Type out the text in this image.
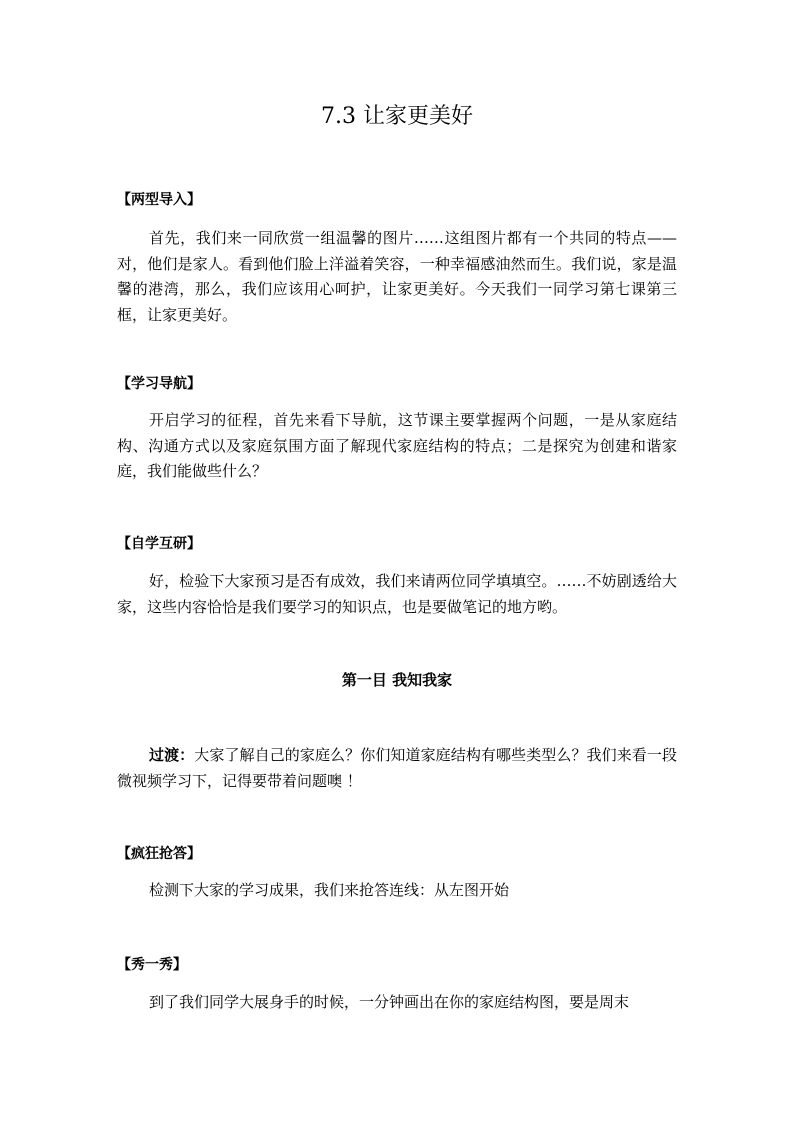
7.3 让家更美好
【两型导入】

首先，我们来一同欣赏一组温馨的图片……这组图片都有一个共同的特点——对，他们是家人。看到他们脸上洋溢着笑容，一种幸福感油然而生。我们说，家是温馨的港湾，那么，我们应该用心呵护，让家更美好。今天我们一同学习第七课第三框，让家更美好。

【学习导航】

开启学习的征程，首先来看下导航，这节课主要掌握两个问题，一是从家庭结构、沟通方式以及家庭氛围方面了解现代家庭结构的特点；二是探究为创建和谐家庭，我们能做些什么？

【自学互研】

好，检验下大家预习是否有成效，我们来请两位同学填填空。……不妨剧透给大家，这些内容恰恰是我们要学习的知识点，也是要做笔记的地方哟。

第一目 我知我家

过渡：大家了解自己的家庭么？你们知道家庭结构有哪些类型么？我们来看一段微视频学习下，记得要带着问题噢 ！

【疯狂抢答】

检测下大家的学习成果，我们来抢答连线：从左图开始

【秀一秀】

到了我们同学大展身手的时候，一分钟画出在你的家庭结构图，要是周末
